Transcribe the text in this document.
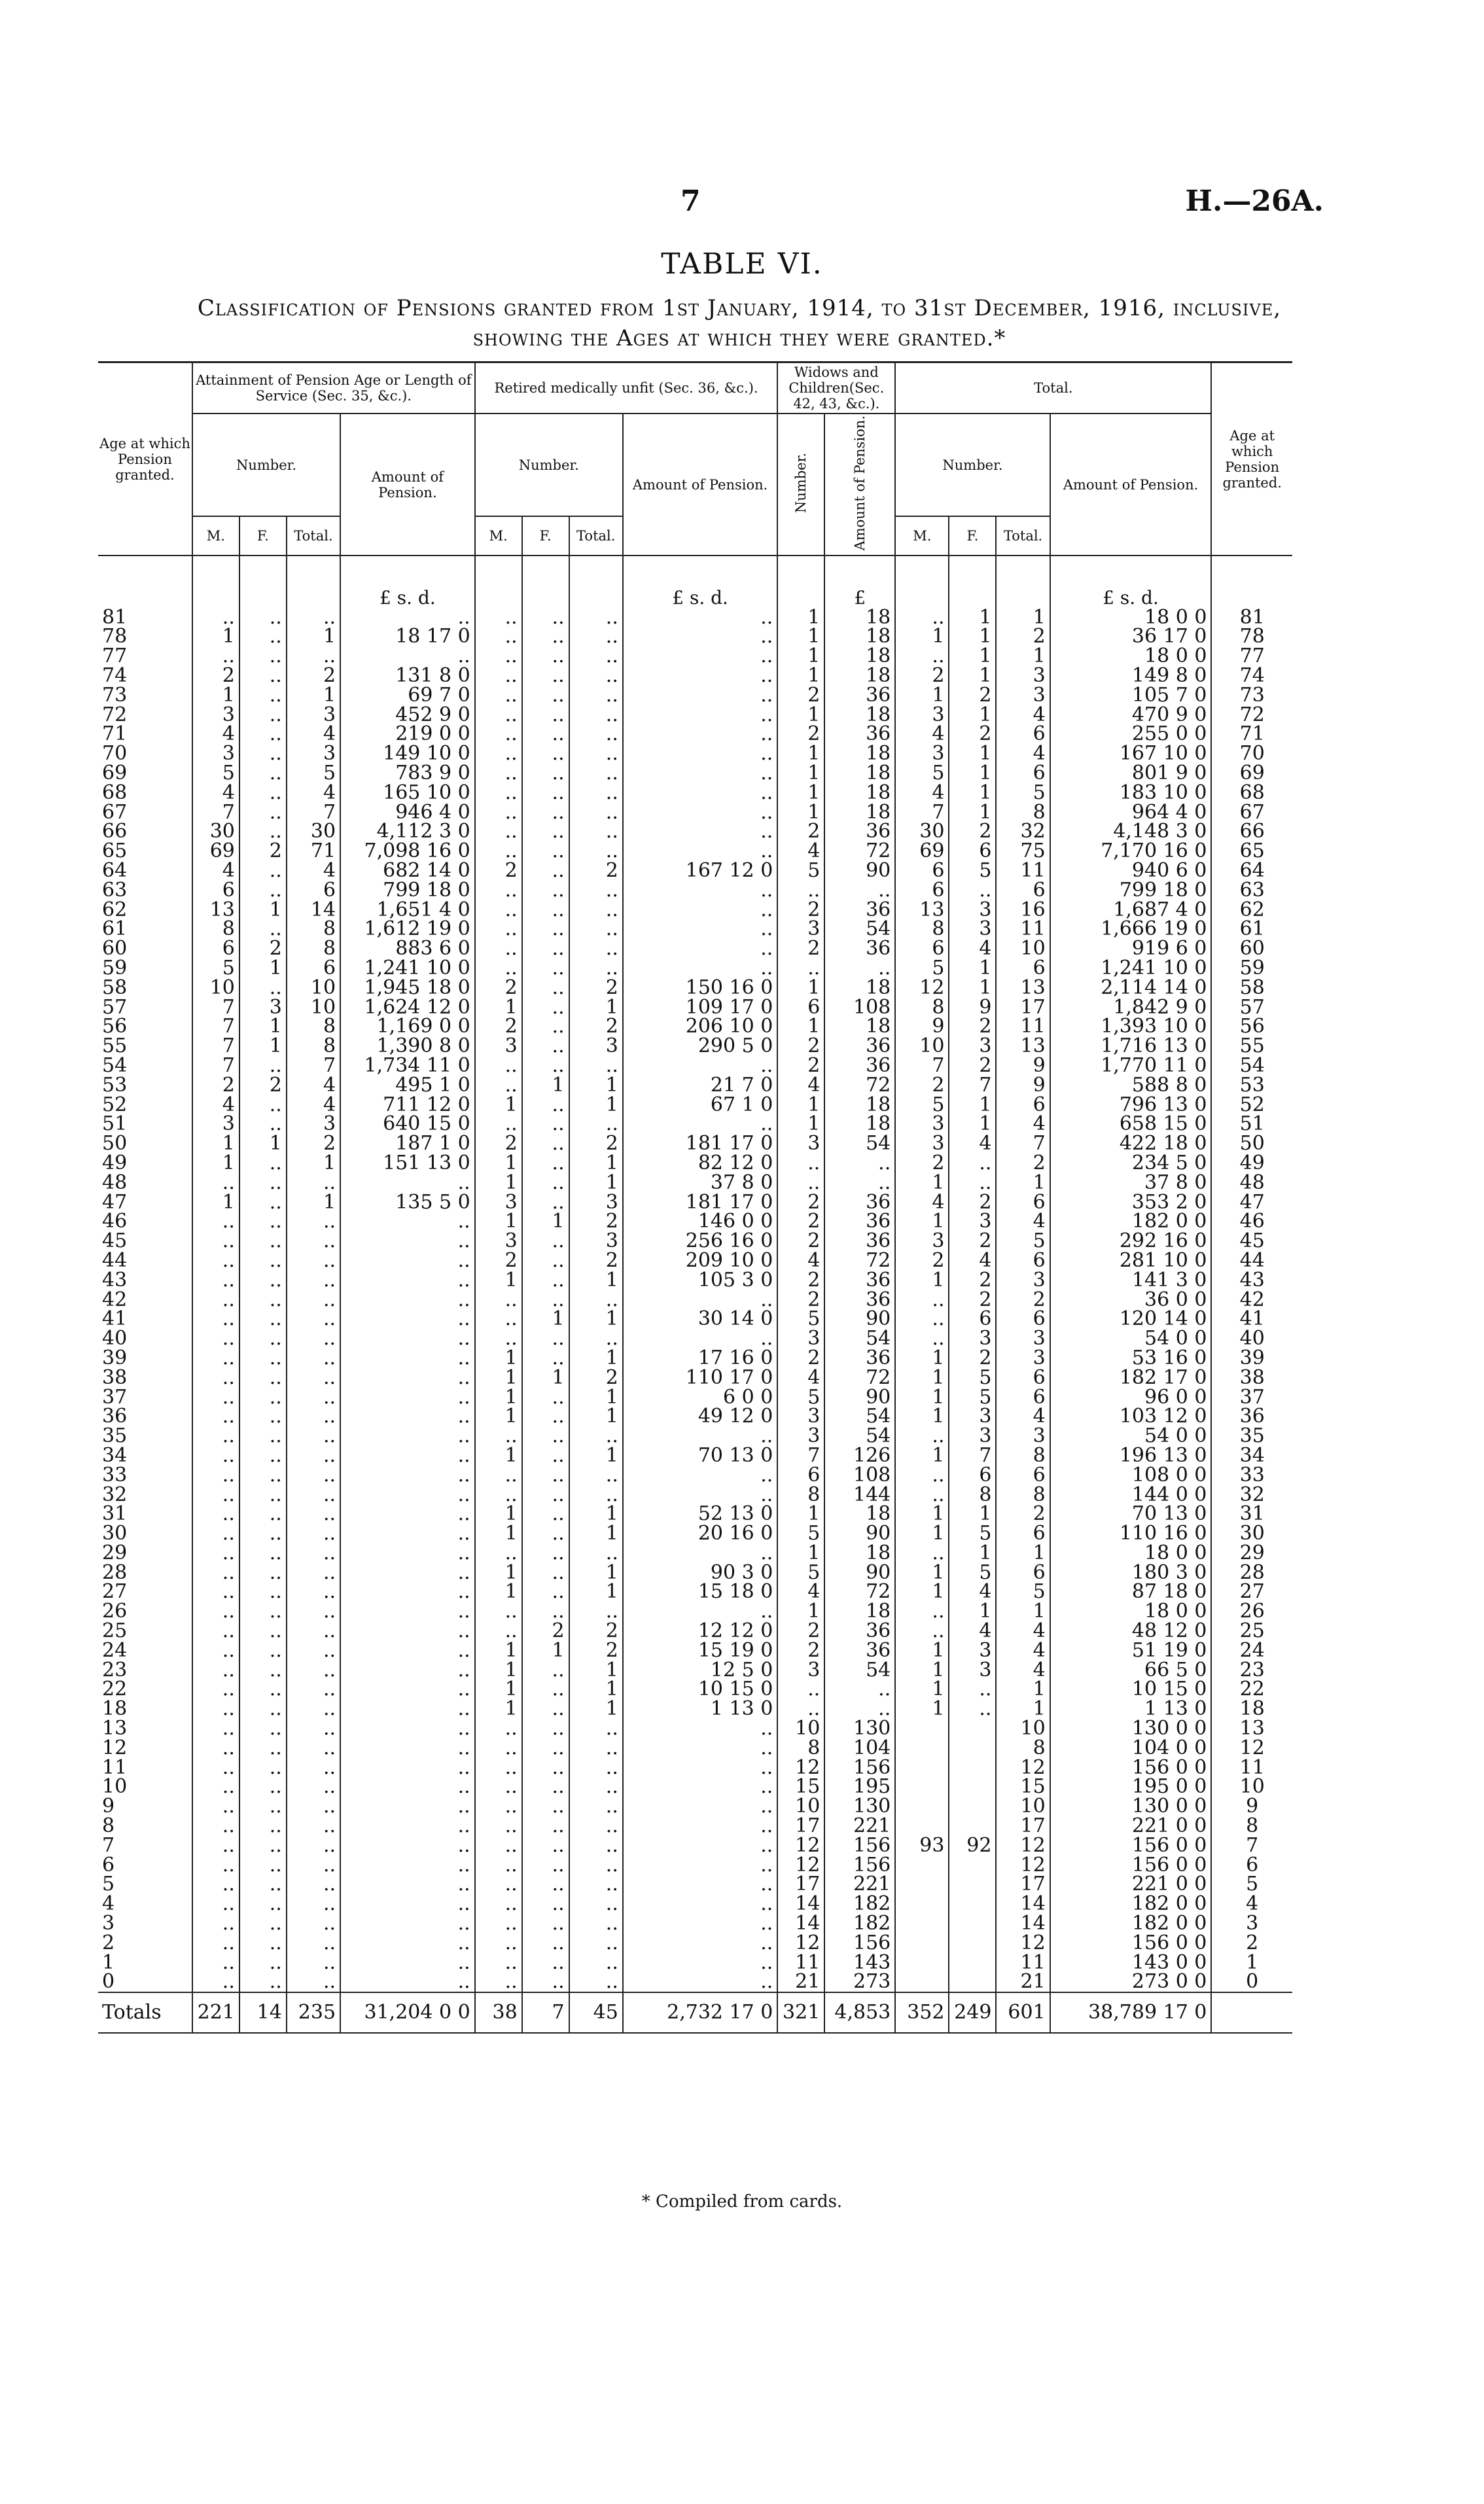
7	H.—26A.
TABLE VI.
Classification of Pensions granted from 1st January, 1914, to 31st December, 1916, inclusive,
showing the Ages at which they were granted.*
Age at which Pension granted.	Attainment of Pension Age or Length of Service (Sec. 35, &c.).				Retired medically unfit (Sec. 36, &c.).				Widows and Children(Sec. 42, 43, &c.).		Total.				Age at which Pension granted.
	Number.			Amount of Pension.	Number.			Amount of Pension.	Number.	Amount of Pension.	Number.			Amount of Pension.	
	M.	F.	Total.		M.	F.	Total.				M.	F.	Total.		

				£ s. d.				£ s. d.		£				£ s. d.	
81	..	..	..	..	..	..	..	..	1	18	..	1	1	18 0 0	81
78	1	..	1	18 17 0	..	..	..	..	1	18	1	1	2	36 17 0	78
77	..	..	..	..	..	..	..	..	1	18	..	1	1	18 0 0	77
74	2	..	2	131 8 0	..	..	..	..	1	18	2	1	3	149 8 0	74
73	1	..	1	69 7 0	..	..	..	..	2	36	1	2	3	105 7 0	73
72	3	..	3	452 9 0	..	..	..	..	1	18	3	1	4	470 9 0	72
71	4	..	4	219 0 0	..	..	..	..	2	36	4	2	6	255 0 0	71
70	3	..	3	149 10 0	..	..	..	..	1	18	3	1	4	167 10 0	70
69	5	..	5	783 9 0	..	..	..	..	1	18	5	1	6	801 9 0	69
68	4	..	4	165 10 0	..	..	..	..	1	18	4	1	5	183 10 0	68
67	7	..	7	946 4 0	..	..	..	..	1	18	7	1	8	964 4 0	67
66	30	..	30	4,112 3 0	..	..	..	..	2	36	30	2	32	4,148 3 0	66
65	69	2	71	7,098 16 0	..	..	..	..	4	72	69	6	75	7,170 16 0	65
64	4	..	4	682 14 0	2	..	2	167 12 0	5	90	6	5	11	940 6 0	64
63	6	..	6	799 18 0	..	..	..	..	..	..	6	..	6	799 18 0	63
62	13	1	14	1,651 4 0	..	..	..	..	2	36	13	3	16	1,687 4 0	62
61	8	..	8	1,612 19 0	..	..	..	..	3	54	8	3	11	1,666 19 0	61
60	6	2	8	883 6 0	..	..	..	..	2	36	6	4	10	919 6 0	60
59	5	1	6	1,241 10 0	..	..	..	..	..	..	5	1	6	1,241 10 0	59
58	10	..	10	1,945 18 0	2	..	2	150 16 0	1	18	12	1	13	2,114 14 0	58
57	7	3	10	1,624 12 0	1	..	1	109 17 0	6	108	8	9	17	1,842 9 0	57
56	7	1	8	1,169 0 0	2	..	2	206 10 0	1	18	9	2	11	1,393 10 0	56
55	7	1	8	1,390 8 0	3	..	3	290 5 0	2	36	10	3	13	1,716 13 0	55
54	7	..	7	1,734 11 0	..	..	..	..	2	36	7	2	9	1,770 11 0	54
53	2	2	4	495 1 0	..	1	1	21 7 0	4	72	2	7	9	588 8 0	53
52	4	..	4	711 12 0	1	..	1	67 1 0	1	18	5	1	6	796 13 0	52
51	3	..	3	640 15 0	..	..	..	..	1	18	3	1	4	658 15 0	51
50	1	1	2	187 1 0	2	..	2	181 17 0	3	54	3	4	7	422 18 0	50
49	1	..	1	151 13 0	1	..	1	82 12 0	..	..	2	..	2	234 5 0	49
48	..	..	..	..	1	..	1	37 8 0	..	..	1	..	1	37 8 0	48
47	1	..	1	135 5 0	3	..	3	181 17 0	2	36	4	2	6	353 2 0	47
46	..	..	..	..	1	1	2	146 0 0	2	36	1	3	4	182 0 0	46
45	..	..	..	..	3	..	3	256 16 0	2	36	3	2	5	292 16 0	45
44	..	..	..	..	2	..	2	209 10 0	4	72	2	4	6	281 10 0	44
43	..	..	..	..	1	..	1	105 3 0	2	36	1	2	3	141 3 0	43
42	..	..	..	..	..	..	..	..	2	36	..	2	2	36 0 0	42
41	..	..	..	..	..	1	1	30 14 0	5	90	..	6	6	120 14 0	41
40	..	..	..	..	..	..	..	..	3	54	..	3	3	54 0 0	40
39	..	..	..	..	1	..	1	17 16 0	2	36	1	2	3	53 16 0	39
38	..	..	..	..	1	1	2	110 17 0	4	72	1	5	6	182 17 0	38
37	..	..	..	..	1	..	1	6 0 0	5	90	1	5	6	96 0 0	37
36	..	..	..	..	1	..	1	49 12 0	3	54	1	3	4	103 12 0	36
35	..	..	..	..	..	..	..	..	3	54	..	3	3	54 0 0	35
34	..	..	..	..	1	..	1	70 13 0	7	126	1	7	8	196 13 0	34
33	..	..	..	..	..	..	..	..	6	108	..	6	6	108 0 0	33
32	..	..	..	..	..	..	..	..	8	144	..	8	8	144 0 0	32
31	..	..	..	..	1	..	1	52 13 0	1	18	1	1	2	70 13 0	31
30	..	..	..	..	1	..	1	20 16 0	5	90	1	5	6	110 16 0	30
29	..	..	..	..	..	..	..	..	1	18	..	1	1	18 0 0	29
28	..	..	..	..	1	..	1	90 3 0	5	90	1	5	6	180 3 0	28
27	..	..	..	..	1	..	1	15 18 0	4	72	1	4	5	87 18 0	27
26	..	..	..	..	..	..	..	..	1	18	..	1	1	18 0 0	26
25	..	..	..	..	..	2	2	12 12 0	2	36	..	4	4	48 12 0	25
24	..	..	..	..	1	1	2	15 19 0	2	36	1	3	4	51 19 0	24
23	..	..	..	..	1	..	1	12 5 0	3	54	1	3	4	66 5 0	23
22	..	..	..	..	1	..	1	10 15 0	..	..	1	..	1	10 15 0	22
18	..	..	..	..	1	..	1	1 13 0	..	..	1	..	1	1 13 0	18
13	..	..	..	..	..	..	..	..	10	130			10	130 0 0	13
12	..	..	..	..	..	..	..	..	8	104			8	104 0 0	12
11	..	..	..	..	..	..	..	..	12	156			12	156 0 0	11
10	..	..	..	..	..	..	..	..	15	195			15	195 0 0	10
9	..	..	..	..	..	..	..	..	10	130			10	130 0 0	9
8	..	..	..	..	..	..	..	..	17	221			17	221 0 0	8
7	..	..	..	..	..	..	..	..	12	156	93	92	12	156 0 0	7
6	..	..	..	..	..	..	..	..	12	156			12	156 0 0	6
5	..	..	..	..	..	..	..	..	17	221			17	221 0 0	5
4	..	..	..	..	..	..	..	..	14	182			14	182 0 0	4
3	..	..	..	..	..	..	..	..	14	182			14	182 0 0	3
2	..	..	..	..	..	..	..	..	12	156			12	156 0 0	2
1	..	..	..	..	..	..	..	..	11	143			11	143 0 0	1
0	..	..	..	..	..	..	..	..	21	273			21	273 0 0	0
Totals	221	14	235	31,204 0 0	38	7	45	2,732 17 0	321	4,853	352	249	601	38,789 17 0	
* Compiled from cards.
